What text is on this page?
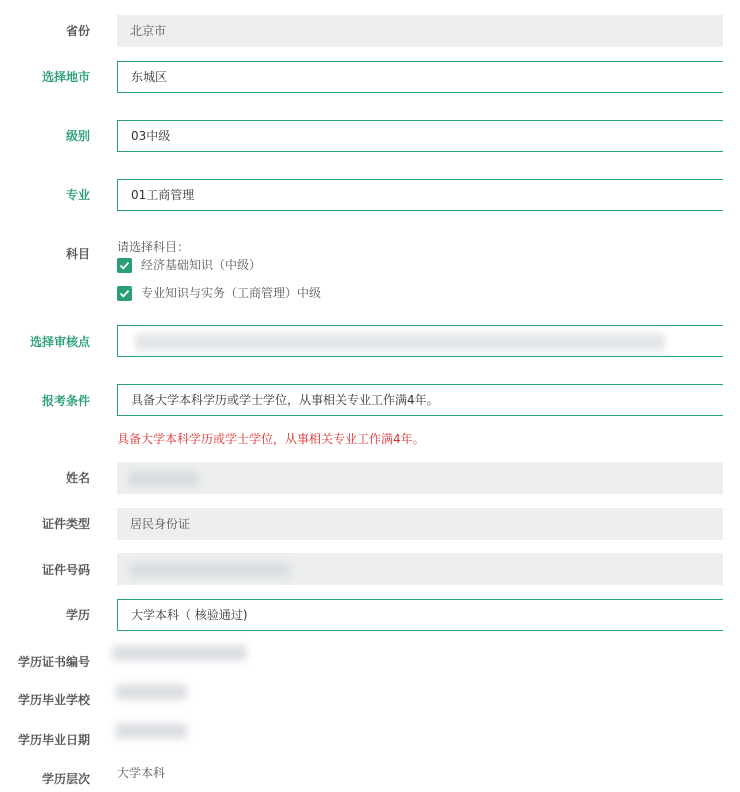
省份	北京市
选择地市	东城区
级别	03中级
专业	01工商管理
科目 请选择科目：
经济基础知识（中级）
专业知识与实务（工商管理）中级
选择审核点
报考条件	具备大学本科学历或学士学位，从事相关专业工作满4年。
具备大学本科学历或学士学位，从事相关专业工作满4年。
姓名
证件类型	居民身份证
证件号码
学历	大学本科（ 核验通过)
学历证书编号
学历毕业学校
学历毕业日期
学历层次 大学本科
